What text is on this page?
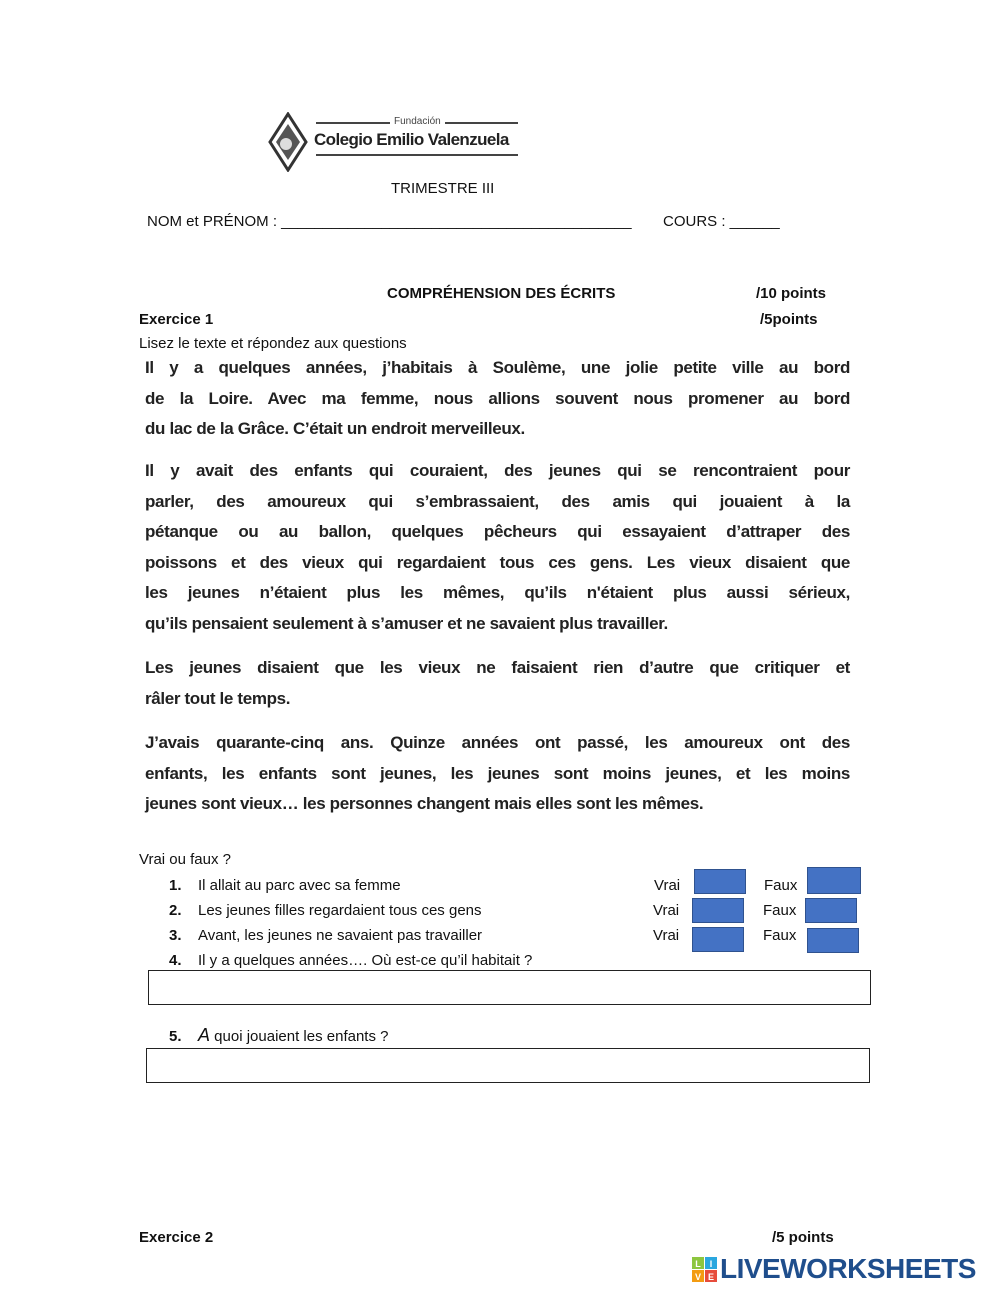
Fundación
Colegio Emilio Valenzuela
TRIMESTRE III
NOM et PRÉNOM : __________________________________________ COURS : ______
COMPRÉHENSION DES ÉCRITS	/10 points
Exercice 1	/5points
Lisez le texte et répondez aux questions
Il y a quelques années, j’habitais à Soulème, une jolie petite ville au bord
de la Loire. Avec ma femme, nous allions souvent nous promener au bord
du lac de la Grâce. C’était un endroit merveilleux.
Il y avait des enfants qui couraient, des jeunes qui se rencontraient pour
parler, des amoureux qui s’embrassaient, des amis qui jouaient à la
pétanque ou au ballon, quelques pêcheurs qui essayaient d’attraper des
poissons et des vieux qui regardaient tous ces gens. Les vieux disaient que
les jeunes n’étaient plus les mêmes, qu’ils n'étaient plus aussi sérieux,
qu’ils pensaient seulement à s’amuser et ne savaient plus travailler.
Les jeunes disaient que les vieux ne faisaient rien d’autre que critiquer et
râler tout le temps.
J’avais quarante-cinq ans. Quinze années ont passé, les amoureux ont des
enfants, les enfants sont jeunes, les jeunes sont moins jeunes, et les moins
jeunes sont vieux… les personnes changent mais elles sont les mêmes.
Vrai ou faux ?
1. Il allait au parc avec sa femme	Vrai	Faux
2. Les jeunes filles regardaient tous ces gens	Vrai	Faux
3. Avant, les jeunes ne savaient pas travailler	Vrai	Faux
4. Il y a quelques années…. Où est-ce qu’il habitait ?
5. A quoi jouaient les enfants ?
Exercice 2	/5 points
L I
V E LIVEWORKSHEETS
